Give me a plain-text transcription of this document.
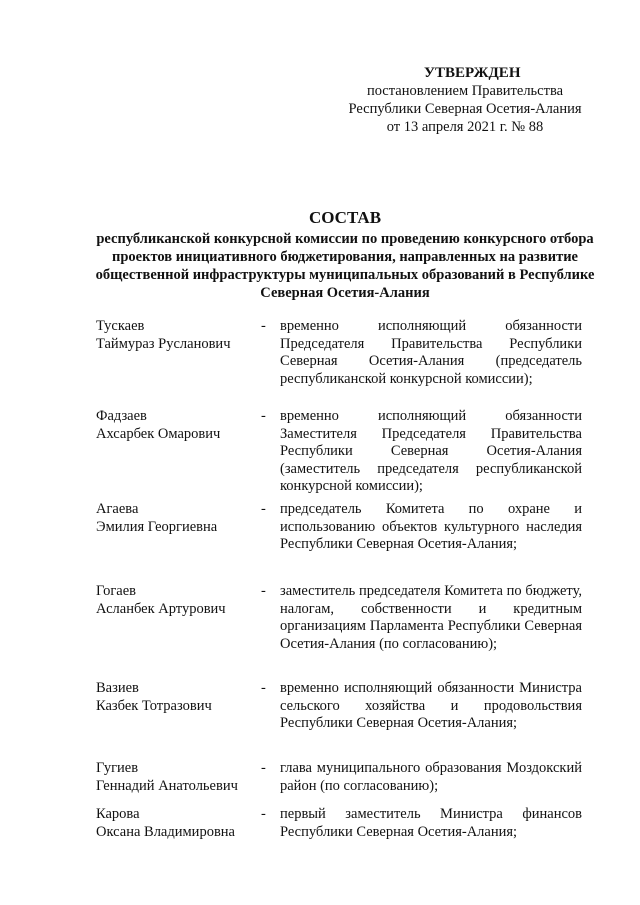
УТВЕРЖДЕН
постановлением Правительства
Республики Северная Осетия-Алания
от 13 апреля 2021 г. № 88
СОСТАВ
республиканской конкурсной комиссии по проведению конкурсного отбора проектов инициативного бюджетирования, направленных на развитие общественной инфраструктуры муниципальных образований в Республике Северная Осетия-Алания
Тускаев
Таймураз Русланович
- временно исполняющий обязанности Председателя Правительства Республики Северная Осетия-Алания (председатель республиканской конкурсной комиссии);
Фадзаев
Ахсарбек Омарович
- временно исполняющий обязанности Заместителя Председателя Правительства Республики Северная Осетия-Алания (заместитель председателя республиканской конкурсной комиссии);
Агаева
Эмилия Георгиевна
- председатель Комитета по охране и использованию объектов культурного наследия Республики Северная Осетия-Алания;
Гогаев
Асланбек Артурович
- заместитель председателя Комитета по бюджету, налогам, собственности и кредитным организациям Парламента Республики Северная Осетия-Алания (по согласованию);
Вазиев
Казбек Тотразович
- временно исполняющий обязанности Министра сельского хозяйства и продовольствия Республики Северная Осетия-Алания;
Гугиев
Геннадий Анатольевич
- глава муниципального образования Моздокский район (по согласованию);
Карова
Оксана Владимировна
- первый заместитель Министра финансов Республики Северная Осетия-Алания;
